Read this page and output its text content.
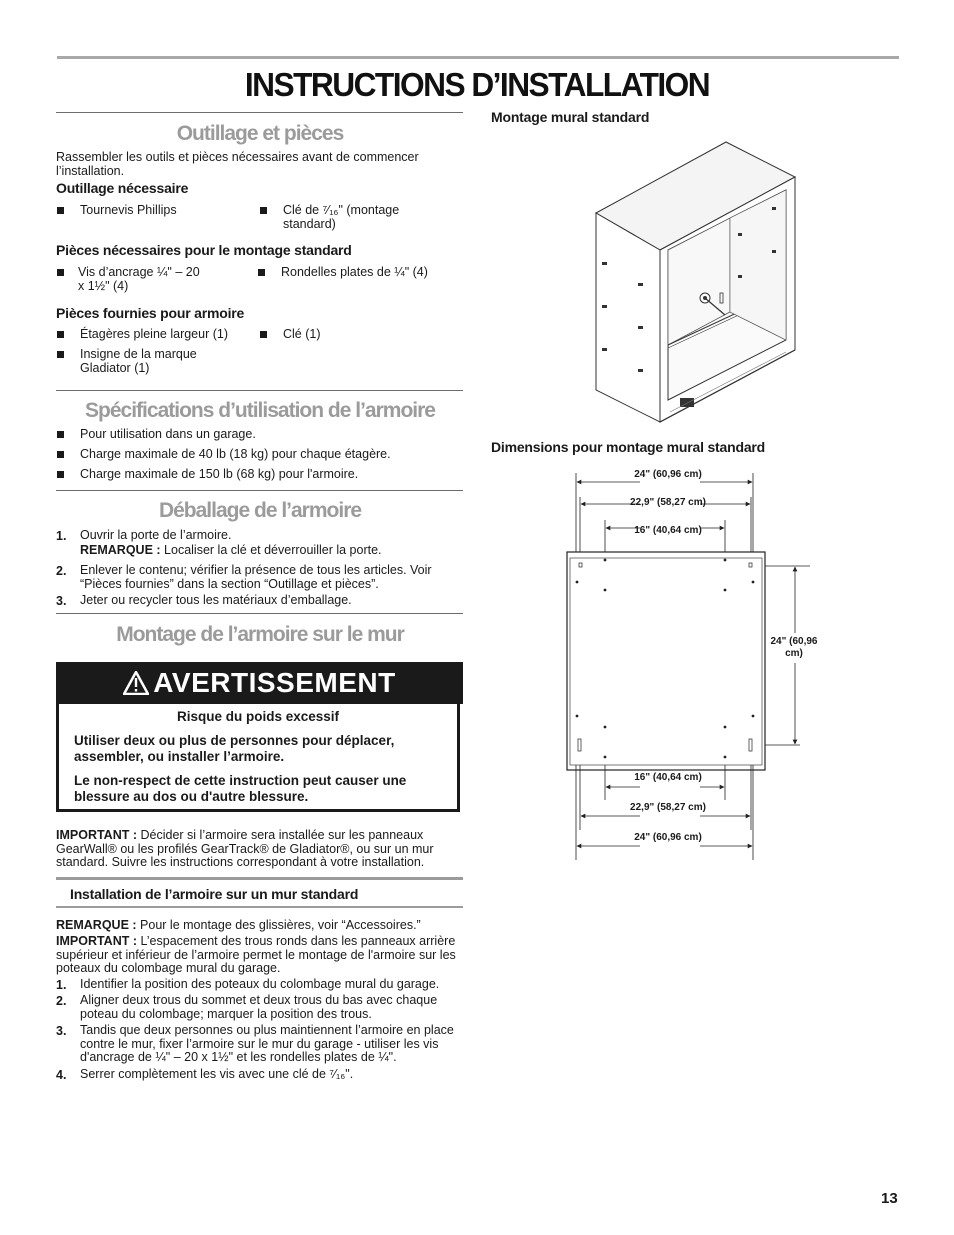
INSTRUCTIONS D’INSTALLATION
Outillage et pièces
Rassembler les outils et pièces nécessaires avant de commencer l’installation.
Outillage nécessaire
Tournevis Phillips	Clé de ⁷⁄₁₆" (montage standard)
Pièces nécessaires pour le montage standard
Vis d’ancrage ¼" – 20 x 1½" (4)
Rondelles plates de ¼" (4)
Pièces fournies pour armoire
Étagères pleine largeur (1)	Clé (1)
Insigne de la marque Gladiator (1)
Spécifications d’utilisation de l’armoire
Pour utilisation dans un garage.
Charge maximale de 40 lb (18 kg) pour chaque étagère.
Charge maximale de 150 lb (68 kg) pour l'armoire.
Déballage de l’armoire
1. Ouvrir la porte de l’armoire.
REMARQUE : Localiser la clé et déverrouiller la porte.
2. Enlever le contenu; vérifier la présence de tous les articles. Voir “Pièces fournies” dans la section “Outillage et pièces”.
3. Jeter ou recycler tous les matériaux d’emballage.
Montage de l’armoire sur le mur
AVERTISSEMENT
Risque du poids excessif
Utiliser deux ou plus de personnes pour déplacer, assembler, ou installer l’armoire.
Le non-respect de cette instruction peut causer une blessure au dos ou d'autre blessure.
IMPORTANT : Décider si l’armoire sera installée sur les panneaux GearWall® ou les profilés GearTrack® de Gladiator®, ou sur un mur standard. Suivre les instructions correspondant à votre installation.
Installation de l’armoire sur un mur standard
REMARQUE : Pour le montage des glissières, voir “Accessoires.”
IMPORTANT : L’espacement des trous ronds dans les panneaux arrière supérieur et inférieur de l’armoire permet le montage de l'armoire sur les poteaux du colombage mural du garage.
1. Identifier la position des poteaux du colombage mural du garage.
2. Aligner deux trous du sommet et deux trous du bas avec chaque poteau du colombage; marquer la position des trous.
3. Tandis que deux personnes ou plus maintiennent l’armoire en place contre le mur, fixer l’armoire sur le mur du garage - utiliser les vis d'ancrage de ¼" – 20 x 1½" et les rondelles plates de ¼".
4. Serrer complètement les vis avec une clé de ⁷⁄₁₆".
Montage mural standard
Dimensions pour montage mural standard
24" (60,96 cm)
22,9" (58,27 cm)
16" (40,64 cm)
24" (60,96 cm)
16" (40,64 cm)
22,9" (58,27 cm)
24" (60,96 cm)
13
